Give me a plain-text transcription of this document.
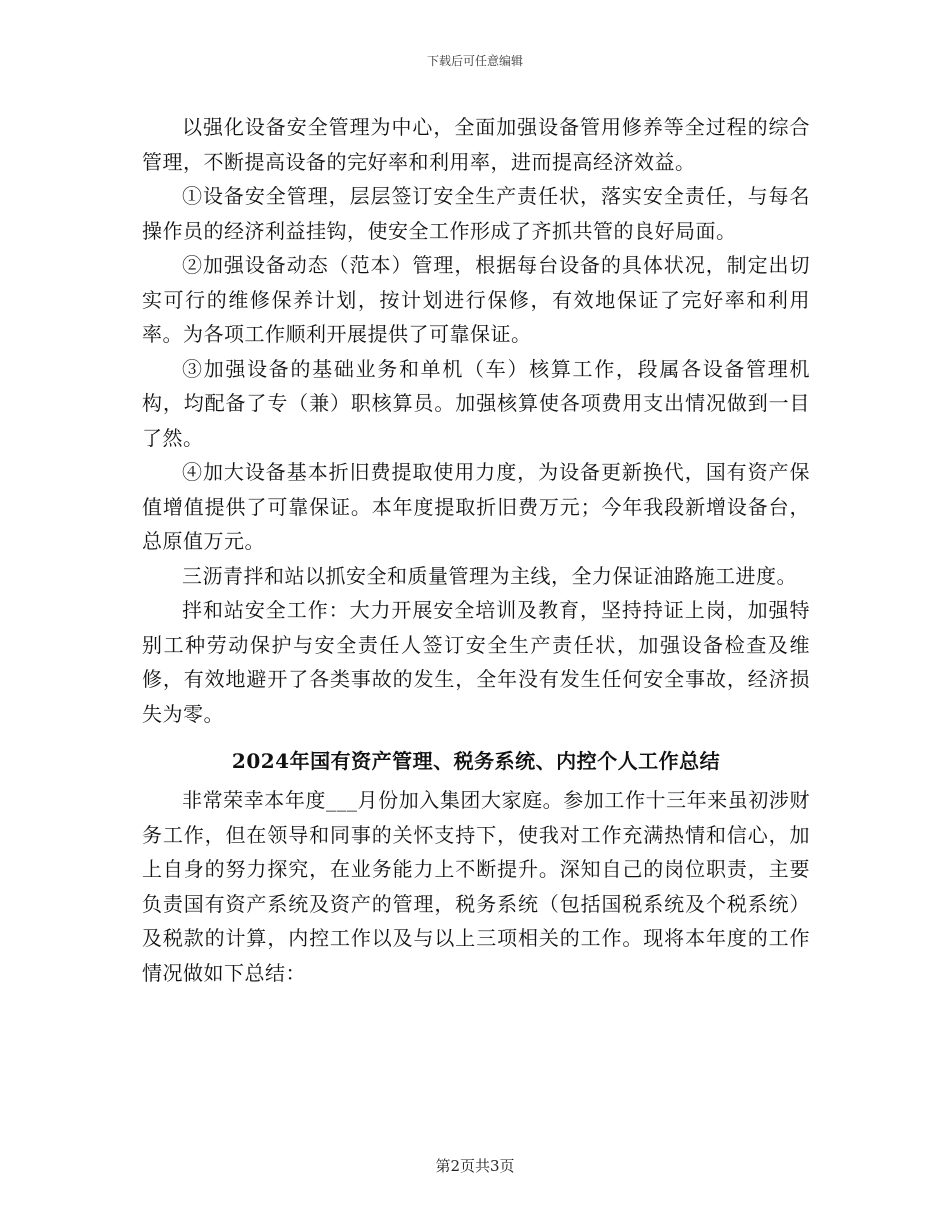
下载后可任意编辑

以强化设备安全管理为中心，全面加强设备管用修养等全过程的综合管理，不断提高设备的完好率和利用率，进而提高经济效益。

①设备安全管理，层层签订安全生产责任状，落实安全责任，与每名操作员的经济利益挂钩，使安全工作形成了齐抓共管的良好局面。

②加强设备动态（范本）管理，根据每台设备的具体状况，制定出切实可行的维修保养计划，按计划进行保修，有效地保证了完好率和利用率。为各项工作顺利开展提供了可靠保证。

③加强设备的基础业务和单机（车）核算工作，段属各设备管理机构，均配备了专（兼）职核算员。加强核算使各项费用支出情况做到一目了然。

④加大设备基本折旧费提取使用力度，为设备更新换代，国有资产保值增值提供了可靠保证。本年度提取折旧费万元；今年我段新增设备台，总原值万元。

三沥青拌和站以抓安全和质量管理为主线，全力保证油路施工进度。

拌和站安全工作：大力开展安全培训及教育，坚持持证上岗，加强特别工种劳动保护与安全责任人签订安全生产责任状，加强设备检查及维修，有效地避开了各类事故的发生，全年没有发生任何安全事故，经济损失为零。

2024年国有资产管理、税务系统、内控个人工作总结

非常荣幸本年度___月份加入集团大家庭。参加工作十三年来虽初涉财务工作，但在领导和同事的关怀支持下，使我对工作充满热情和信心，加上自身的努力探究，在业务能力上不断提升。深知自己的岗位职责，主要负责国有资产系统及资产的管理，税务系统（包括国税系统及个税系统）及税款的计算，内控工作以及与以上三项相关的工作。现将本年度的工作情况做如下总结：

第2页共3页
